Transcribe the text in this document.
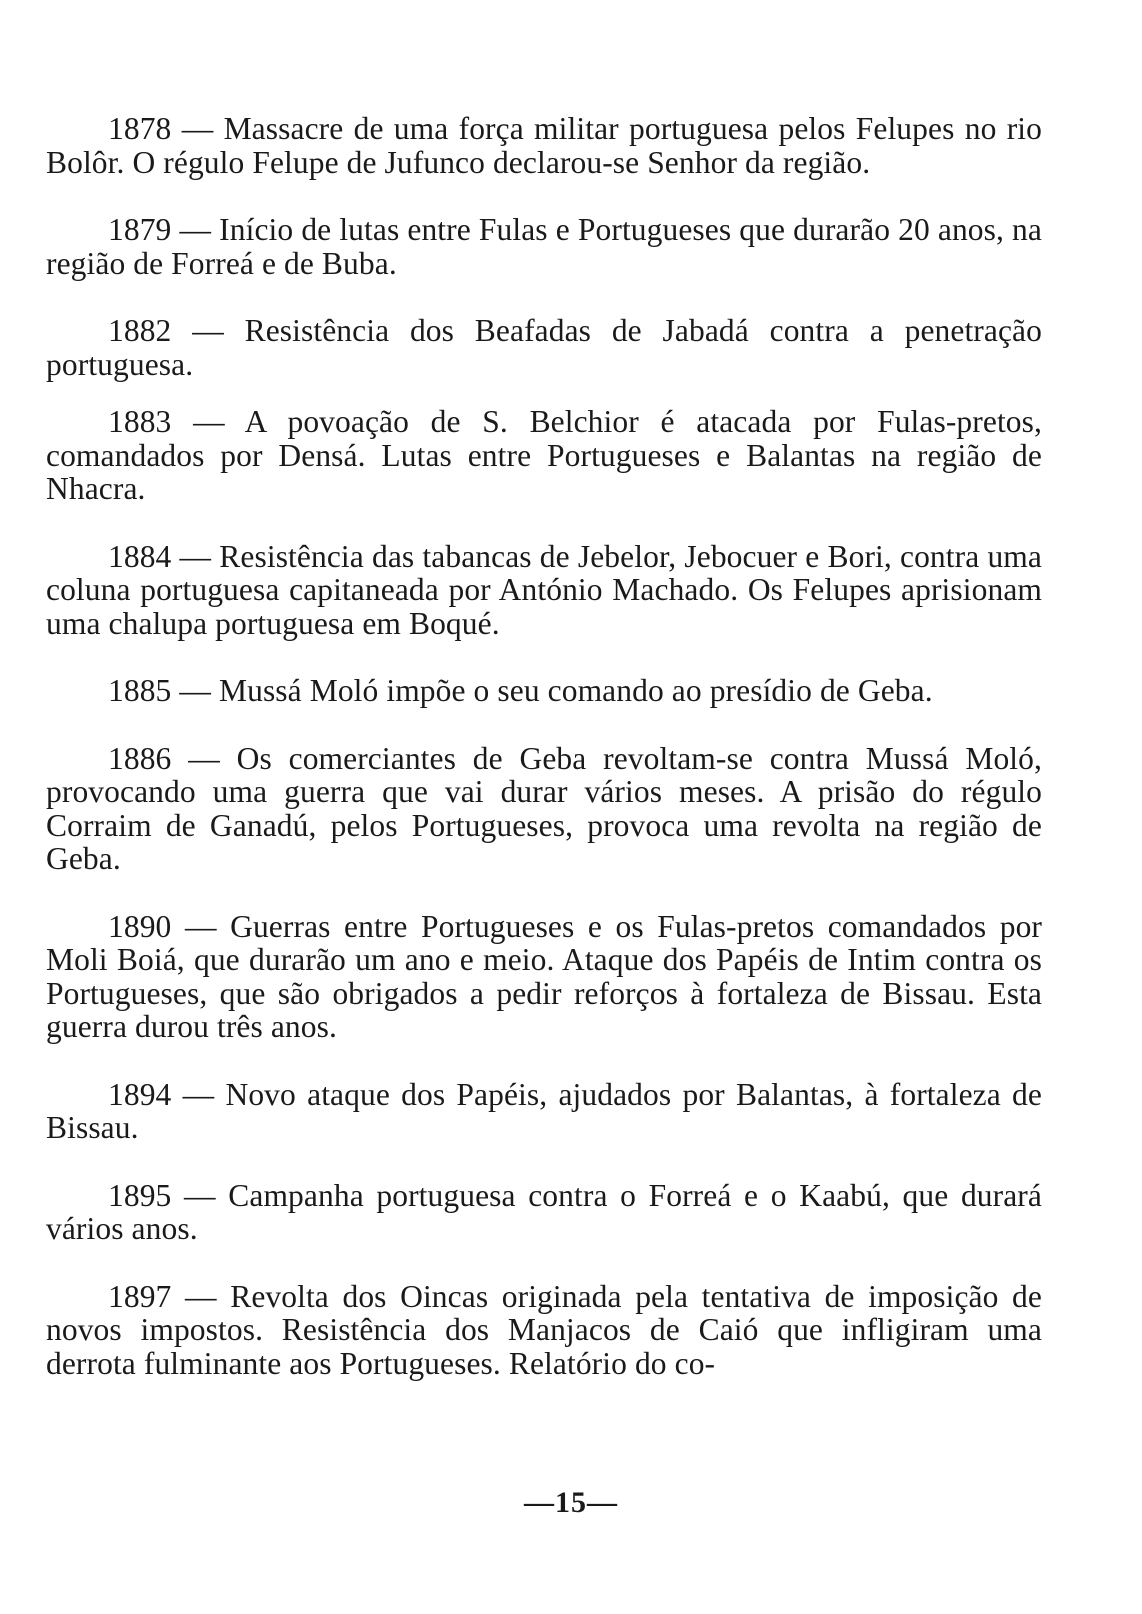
1878 — Massacre de uma força militar portuguesa pelos Felupes no rio Bolôr. O régulo Felupe de Jufunco declarou-se Senhor da região.

1879 — Início de lutas entre Fulas e Portugueses que durarão 20 anos, na região de Forreá e de Buba.

1882 — Resistência dos Beafadas de Jabadá contra a penetração portuguesa.

1883 — A povoação de S. Belchior é atacada por Fulas-pretos, comandados por Densá. Lutas entre Portugueses e Balantas na região de Nhacra.

1884 — Resistência das tabancas de Jebelor, Jebocuer e Bori, contra uma coluna portuguesa capitaneada por António Machado. Os Felupes aprisionam uma chalupa portuguesa em Boqué.

1885 — Mussá Moló impõe o seu comando ao presídio de Geba.

1886 — Os comerciantes de Geba revoltam-se contra Mussá Moló, provocando uma guerra que vai durar vários meses. A prisão do régulo Corraim de Ganadú, pelos Portugueses, provoca uma revolta na região de Geba.

1890 — Guerras entre Portugueses e os Fulas-pretos comandados por Moli Boiá, que durarão um ano e meio. Ataque dos Papéis de Intim contra os Portugueses, que são obrigados a pedir reforços à fortaleza de Bissau. Esta guerra durou três anos.

1894 — Novo ataque dos Papéis, ajudados por Balantas, à fortaleza de Bissau.

1895 — Campanha portuguesa contra o Forreá e o Kaabú, que durará vários anos.

1897 — Revolta dos Oincas originada pela tentativa de imposição de novos impostos. Resistência dos Manjacos de Caió que infligiram uma derrota fulminante aos Portugueses. Relatório do co-

—15—
